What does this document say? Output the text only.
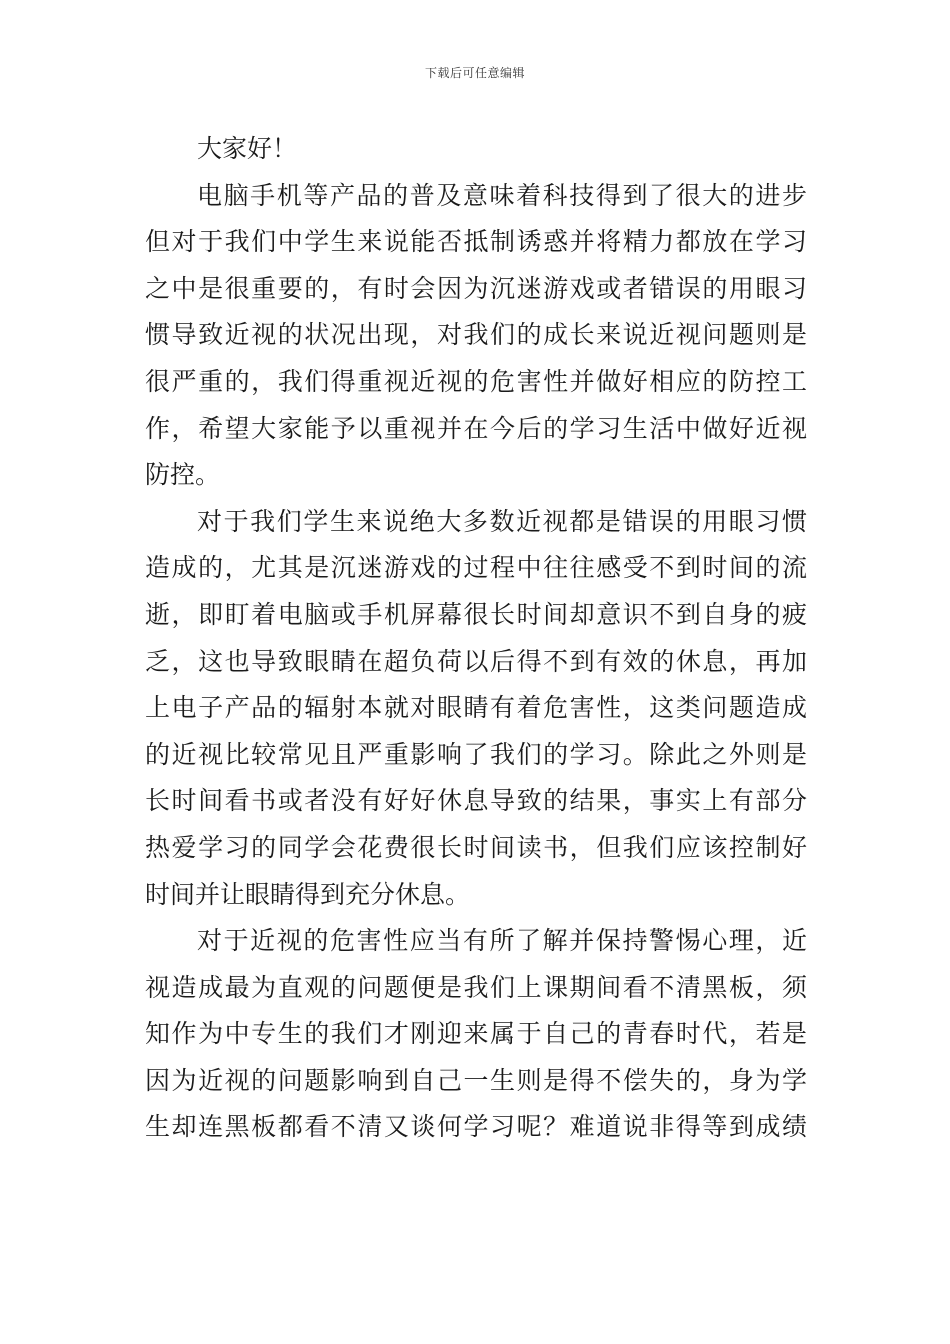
下载后可任意编辑
大家好！
电脑手机等产品的普及意味着科技得到了很大的进步
但对于我们中学生来说能否抵制诱惑并将精力都放在学习
之中是很重要的，有时会因为沉迷游戏或者错误的用眼习
惯导致近视的状况出现，对我们的成长来说近视问题则是
很严重的，我们得重视近视的危害性并做好相应的防控工
作，希望大家能予以重视并在今后的学习生活中做好近视
防控。
对于我们学生来说绝大多数近视都是错误的用眼习惯
造成的，尤其是沉迷游戏的过程中往往感受不到时间的流
逝，即盯着电脑或手机屏幕很长时间却意识不到自身的疲
乏，这也导致眼睛在超负荷以后得不到有效的休息，再加
上电子产品的辐射本就对眼睛有着危害性，这类问题造成
的近视比较常见且严重影响了我们的学习。除此之外则是
长时间看书或者没有好好休息导致的结果，事实上有部分
热爱学习的同学会花费很长时间读书，但我们应该控制好
时间并让眼睛得到充分休息。
对于近视的危害性应当有所了解并保持警惕心理，近
视造成最为直观的问题便是我们上课期间看不清黑板，须
知作为中专生的我们才刚迎来属于自己的青春时代，若是
因为近视的问题影响到自己一生则是得不偿失的，身为学
生却连黑板都看不清又谈何学习呢？难道说非得等到成绩
